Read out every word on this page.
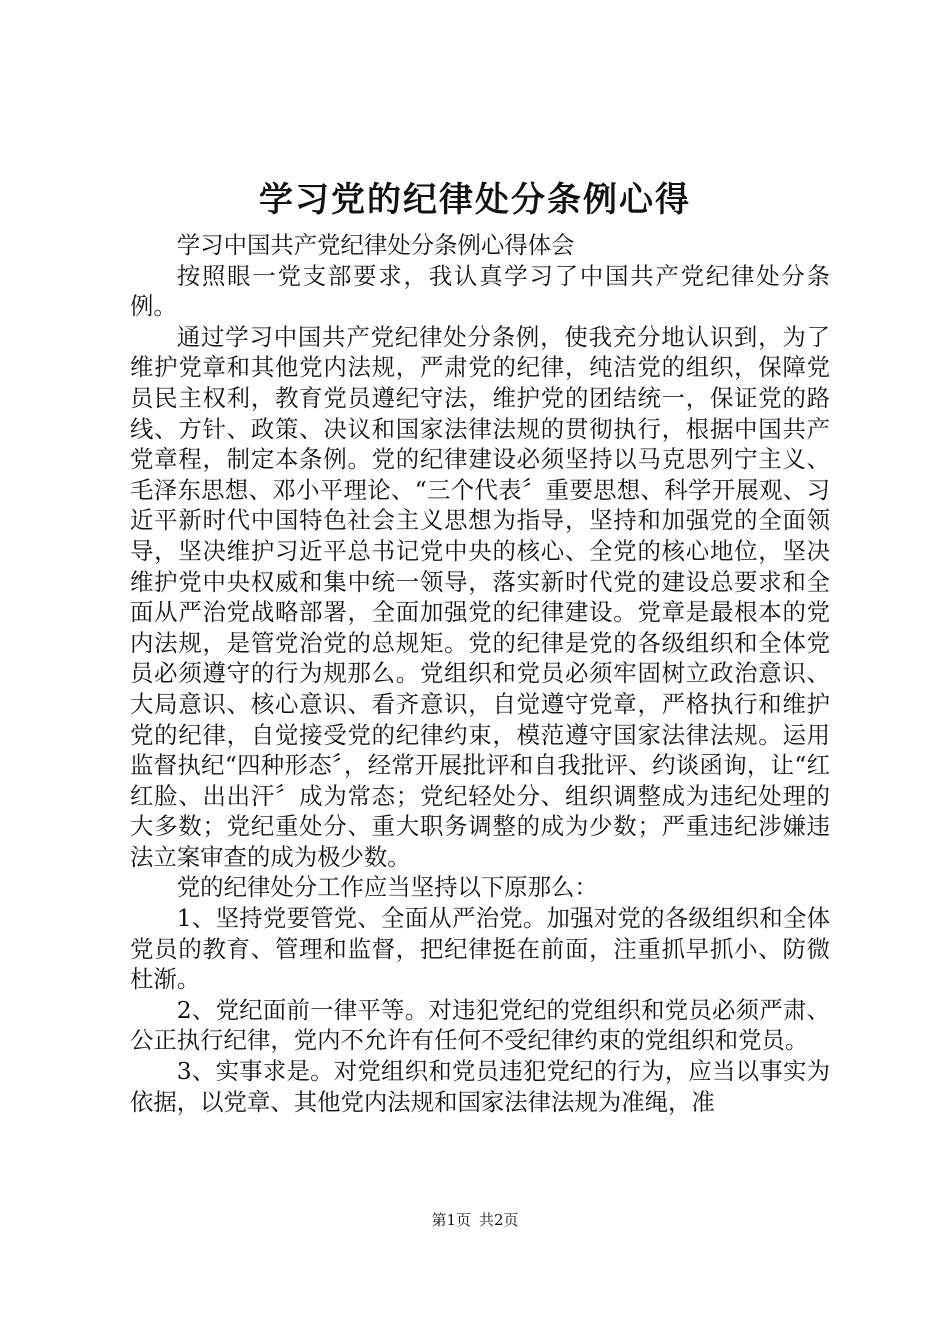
学习党的纪律处分条例心得

学习中国共产党纪律处分条例心得体会

按照眼一党支部要求，我认真学习了中国共产党纪律处分条例。

通过学习中国共产党纪律处分条例，使我充分地认识到，为了维护党章和其他党内法规，严肃党的纪律，纯洁党的组织，保障党员民主权利，教育党员遵纪守法，维护党的团结统一，保证党的路线、方针、政策、决议和国家法律法规的贯彻执行，根据中国共产党章程，制定本条例。党的纪律建设必须坚持以马克思列宁主义、毛泽东思想、邓小平理论、“三个代表〞重要思想、科学开展观、习近平新时代中国特色社会主义思想为指导，坚持和加强党的全面领导，坚决维护习近平总书记党中央的核心、全党的核心地位，坚决维护党中央权威和集中统一领导，落实新时代党的建设总要求和全面从严治党战略部署，全面加强党的纪律建设。党章是最根本的党内法规，是管党治党的总规矩。党的纪律是党的各级组织和全体党员必须遵守的行为规那么。党组织和党员必须牢固树立政治意识、大局意识、核心意识、看齐意识，自觉遵守党章，严格执行和维护党的纪律，自觉接受党的纪律约束，模范遵守国家法律法规。运用监督执纪“四种形态〞，经常开展批评和自我批评、约谈函询，让“红红脸、出出汗〞成为常态；党纪轻处分、组织调整成为违纪处理的大多数；党纪重处分、重大职务调整的成为少数；严重违纪涉嫌违法立案审查的成为极少数。

党的纪律处分工作应当坚持以下原那么：

1、坚持党要管党、全面从严治党。加强对党的各级组织和全体党员的教育、管理和监督，把纪律挺在前面，注重抓早抓小、防微杜渐。

2、党纪面前一律平等。对违犯党纪的党组织和党员必须严肃、公正执行纪律，党内不允许有任何不受纪律约束的党组织和党员。

3、实事求是。对党组织和党员违犯党纪的行为，应当以事实为依据，以党章、其他党内法规和国家法律法规为准绳，准

第1页 共2页
